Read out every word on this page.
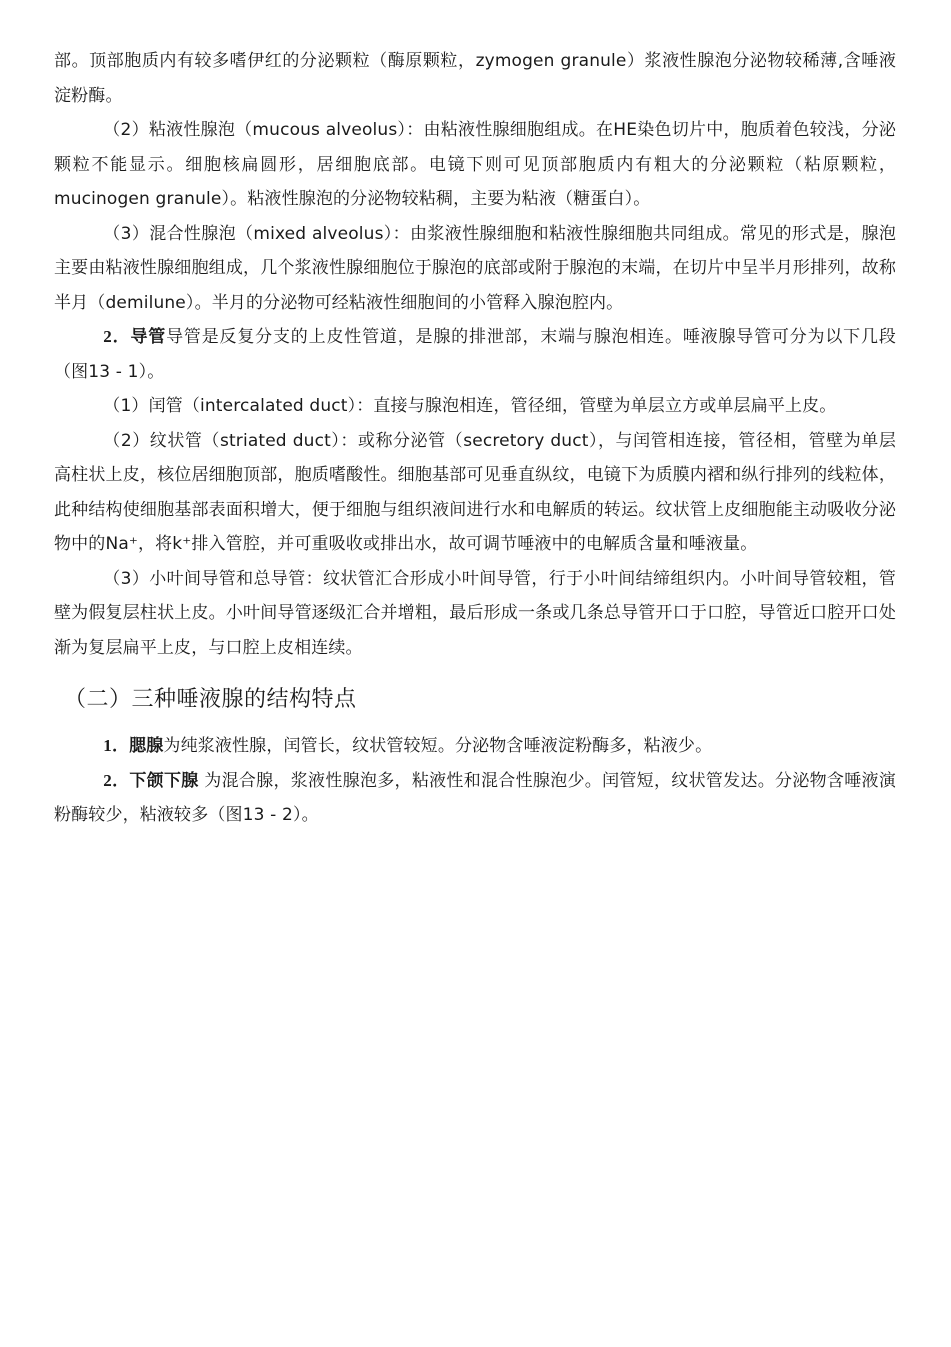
部。顶部胞质内有较多嗜伊红的分泌颗粒（酶原颗粒，zymogen granule）浆液性腺泡分泌物较稀薄,含唾液淀粉酶。

（2）粘液性腺泡（mucous alveolus）：由粘液性腺细胞组成。在HE染色切片中，胞质着色较浅，分泌颗粒不能显示。细胞核扁圆形，居细胞底部。电镜下则可见顶部胞质内有粗大的分泌颗粒（粘原颗粒，mucinogen granule）。粘液性腺泡的分泌物较粘稠，主要为粘液（糖蛋白）。

（3）混合性腺泡（mixed alveolus）：由浆液性腺细胞和粘液性腺细胞共同组成。常见的形式是，腺泡主要由粘液性腺细胞组成，几个浆液性腺细胞位于腺泡的底部或附于腺泡的末端，在切片中呈半月形排列，故称半月（demilune）。半月的分泌物可经粘液性细胞间的小管释入腺泡腔内。

2．导管导管是反复分支的上皮性管道，是腺的排泄部，末端与腺泡相连。唾液腺导管可分为以下几段（图13 - 1）。

（1）闰管（intercalated duct）：直接与腺泡相连，管径细，管壁为单层立方或单层扁平上皮。

（2）纹状管（striated duct）：或称分泌管（secretory duct），与闰管相连接，管径相，管壁为单层高柱状上皮，核位居细胞顶部，胞质嗜酸性。细胞基部可见垂直纵纹，电镜下为质膜内褶和纵行排列的线粒体，此种结构使细胞基部表面积增大，便于细胞与组织液间进行水和电解质的转运。纹状管上皮细胞能主动吸收分泌物中的Na⁺，将k⁺排入管腔，并可重吸收或排出水，故可调节唾液中的电解质含量和唾液量。

（3）小叶间导管和总导管：纹状管汇合形成小叶间导管，行于小叶间结缔组织内。小叶间导管较粗，管壁为假复层柱状上皮。小叶间导管逐级汇合并增粗，最后形成一条或几条总导管开口于口腔，导管近口腔开口处渐为复层扁平上皮，与口腔上皮相连续。

（二）三种唾液腺的结构特点

1．腮腺为纯浆液性腺，闰管长，纹状管较短。分泌物含唾液淀粉酶多，粘液少。

2．下颌下腺 为混合腺，浆液性腺泡多，粘液性和混合性腺泡少。闰管短，纹状管发达。分泌物含唾液演粉酶较少，粘液较多（图13 - 2）。
